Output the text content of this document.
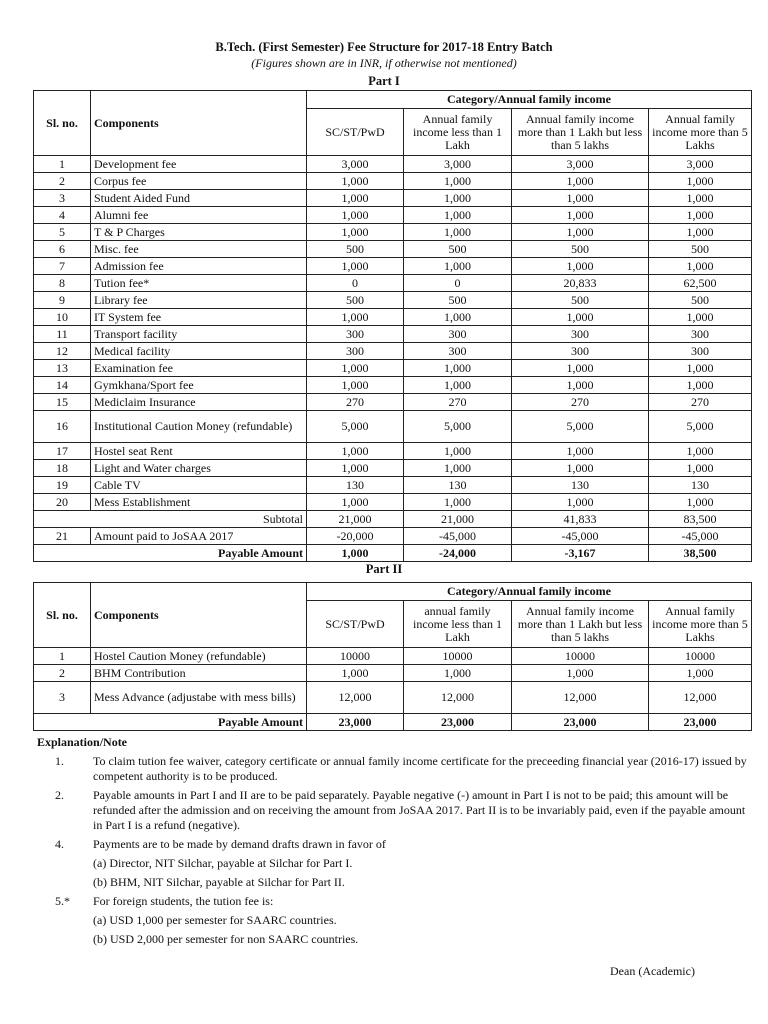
B.Tech. (First Semester) Fee Structure for 2017-18 Entry Batch
(Figures shown are in INR, if otherwise not mentioned)
Part I
Sl. no.	Components	Category/Annual family income			
		SC/ST/PwD	Annual family income less than 1 Lakh	Annual family income more than 1 Lakh but less than 5 lakhs	Annual family income more than 5 Lakhs
1	Development fee	3,000	3,000	3,000	3,000
2	Corpus fee	1,000	1,000	1,000	1,000
3	Student Aided Fund	1,000	1,000	1,000	1,000
4	Alumni fee	1,000	1,000	1,000	1,000
5	T & P Charges	1,000	1,000	1,000	1,000
6	Misc. fee	500	500	500	500
7	Admission fee	1,000	1,000	1,000	1,000
8	Tution fee*	0	0	20,833	62,500
9	Library fee	500	500	500	500
10	IT System fee	1,000	1,000	1,000	1,000
11	Transport facility	300	300	300	300
12	Medical facility	300	300	300	300
13	Examination fee	1,000	1,000	1,000	1,000
14	Gymkhana/Sport fee	1,000	1,000	1,000	1,000
15	Mediclaim Insurance	270	270	270	270
16	Institutional Caution Money (refundable)	5,000	5,000	5,000	5,000
17	Hostel seat Rent	1,000	1,000	1,000	1,000
18	Light and Water charges	1,000	1,000	1,000	1,000
19	Cable TV	130	130	130	130
20	Mess Establishment	1,000	1,000	1,000	1,000
Subtotal		21,000	21,000	41,833	83,500
21	Amount paid to JoSAA 2017	-20,000	-45,000	-45,000	-45,000
Payable Amount		1,000	-24,000	-3,167	38,500
Part II
Sl. no.	Components	Category/Annual family income			
		SC/ST/PwD	annual family income less than 1 Lakh	Annual family income more than 1 Lakh but less than 5 lakhs	Annual family income more than 5 Lakhs
1	Hostel Caution Money (refundable)	10000	10000	10000	10000
2	BHM Contribution	1,000	1,000	1,000	1,000
3	Mess Advance (adjustabe with mess bills)	12,000	12,000	12,000	12,000
Payable Amount		23,000	23,000	23,000	23,000
Explanation/Note
1.	To claim tution fee waiver, category certificate or annual family income certificate for the preceeding financial year (2016-17) issued by competent authority is to be produced.
2.	Payable amounts in Part I and II are to be paid separately. Payable negative (-) amount in Part I is not to be paid; this amount will be refunded after the admission and on receiving the amount from JoSAA 2017. Part II is to be invariably paid, even if the payable amount in Part I is a refund (negative).
4.	Payments are to be made by demand drafts drawn in favor of
(a) Director, NIT Silchar, payable at Silchar for Part I.
(b) BHM, NIT Silchar, payable at Silchar for Part II.
5.*	For foreign students, the tution fee is:
(a) USD 1,000 per semester for SAARC countries.
(b) USD 2,000 per semester for non SAARC countries.
Dean (Academic)
